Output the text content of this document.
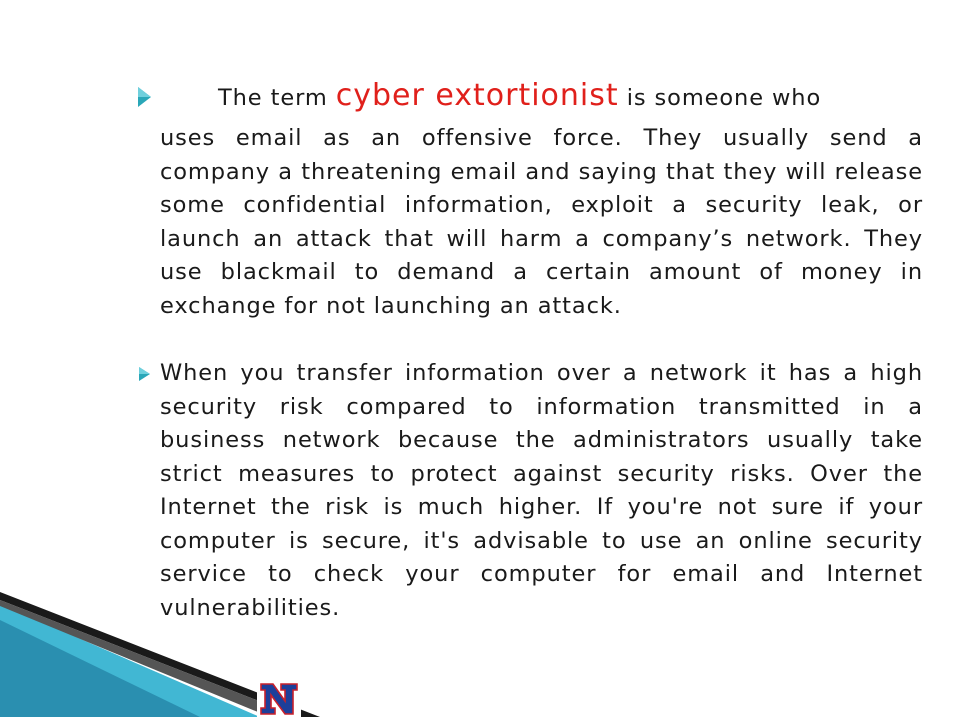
The term cyber extortionist is someone who

uses email as an offensive force. They usually send a company a threatening email and saying that they will release some confidential information, exploit a security leak, or launch an attack that will harm a company’s network. They use blackmail to demand a certain amount of money in exchange for not launching an attack.

When you transfer information over a network it has a high security risk compared to information transmitted in a business network because the administrators usually take strict measures to protect against security risks. Over the Internet the risk is much higher. If you're not sure if your computer is secure, it's advisable to use an online security service to check your computer for email and Internet vulnerabilities.
